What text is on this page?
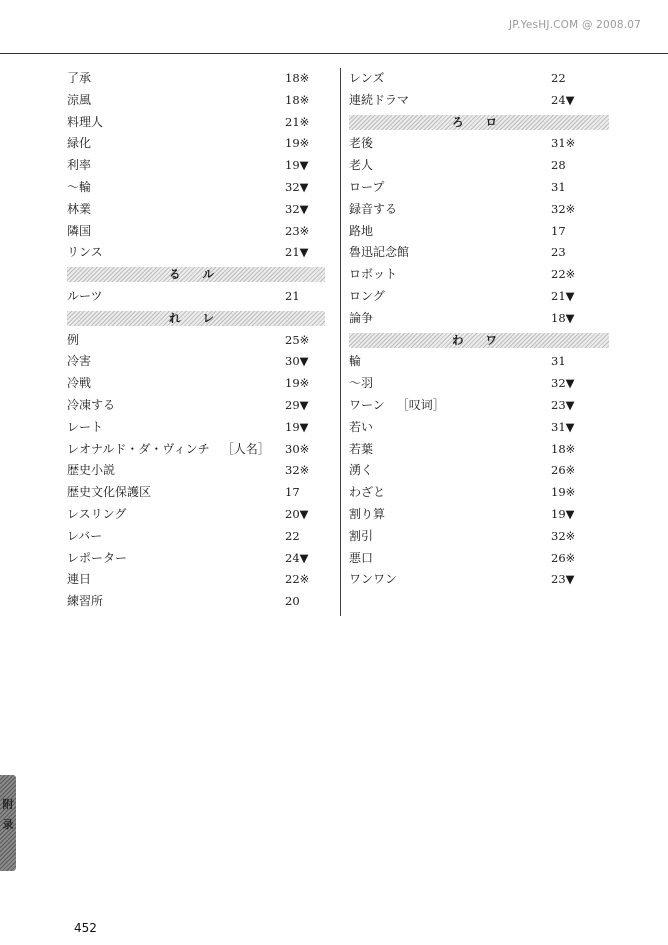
JP.YesHJ.COM @ 2008.07
了承	18※
涼風	18※
料理人	21※
緑化	19※
利率	19▼
～輪	32▼
林業	32▼
隣国	23※
リンス	21▼
る ル
ルーツ	21
れ レ
例	25※
冷害	30▼
冷戦	19※
冷凍する	29▼
レート	19▼
レオナルド・ダ・ヴィンチ ［人名］ 30※
歴史小説	32※
歴史文化保護区	17
レスリング	20▼
レバー	22
レポーター	24▼
連日	22※
練習所	20
レンズ	22
連続ドラマ	24▼
ろ ロ
老後	31※
老人	28
ロープ	31
録音する	32※
路地	17
魯迅記念館	23
ロボット	22※
ロング	21▼
論争	18▼
わ ワ
輪	31
～羽	32▼
ワーン ［叹词］	23▼
若い	31▼
若葉	18※
湧く	26※
わざと	19※
割り算	19▼
割引	32※
悪口	26※
ワンワン	23▼
附
录
452
